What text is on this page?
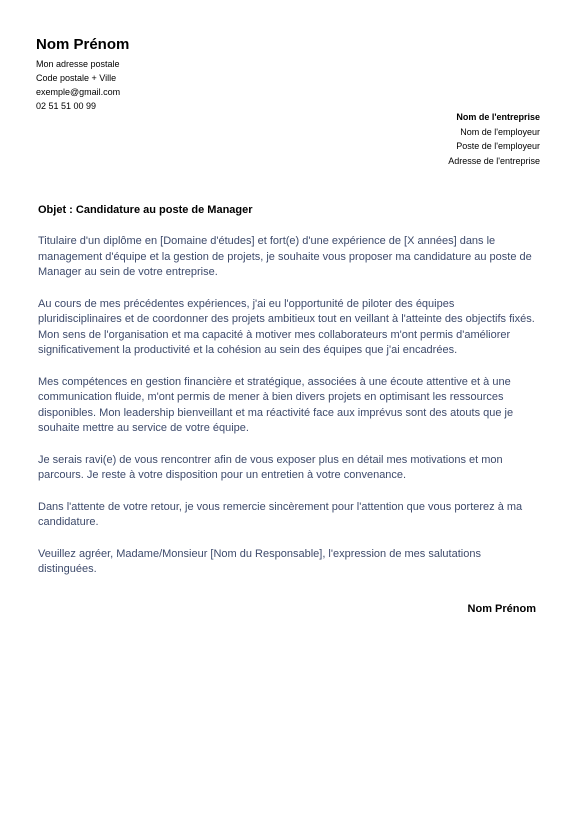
Nom Prénom
Mon adresse postale
Code postale + Ville
exemple@gmail.com
02 51 51 00 99
Nom de l'entreprise
Nom de l'employeur
Poste de l'employeur
Adresse de l'entreprise
Objet : Candidature au poste de Manager

Titulaire d'un diplôme en [Domaine d'études] et fort(e) d'une expérience de [X années] dans le management d'équipe et la gestion de projets, je souhaite vous proposer ma candidature au poste de Manager au sein de votre entreprise.

Au cours de mes précédentes expériences, j'ai eu l'opportunité de piloter des équipes pluridisciplinaires et de coordonner des projets ambitieux tout en veillant à l'atteinte des objectifs fixés. Mon sens de l'organisation et ma capacité à motiver mes collaborateurs m'ont permis d'améliorer significativement la productivité et la cohésion au sein des équipes que j'ai encadrées.

Mes compétences en gestion financière et stratégique, associées à une écoute attentive et à une communication fluide, m'ont permis de mener à bien divers projets en optimisant les ressources disponibles. Mon leadership bienveillant et ma réactivité face aux imprévus sont des atouts que je souhaite mettre au service de votre équipe.

Je serais ravi(e) de vous rencontrer afin de vous exposer plus en détail mes motivations et mon parcours. Je reste à votre disposition pour un entretien à votre convenance.

Dans l'attente de votre retour, je vous remercie sincèrement pour l'attention que vous porterez à ma candidature.

Veuillez agréer, Madame/Monsieur [Nom du Responsable], l'expression de mes salutations distinguées.

Nom Prénom
